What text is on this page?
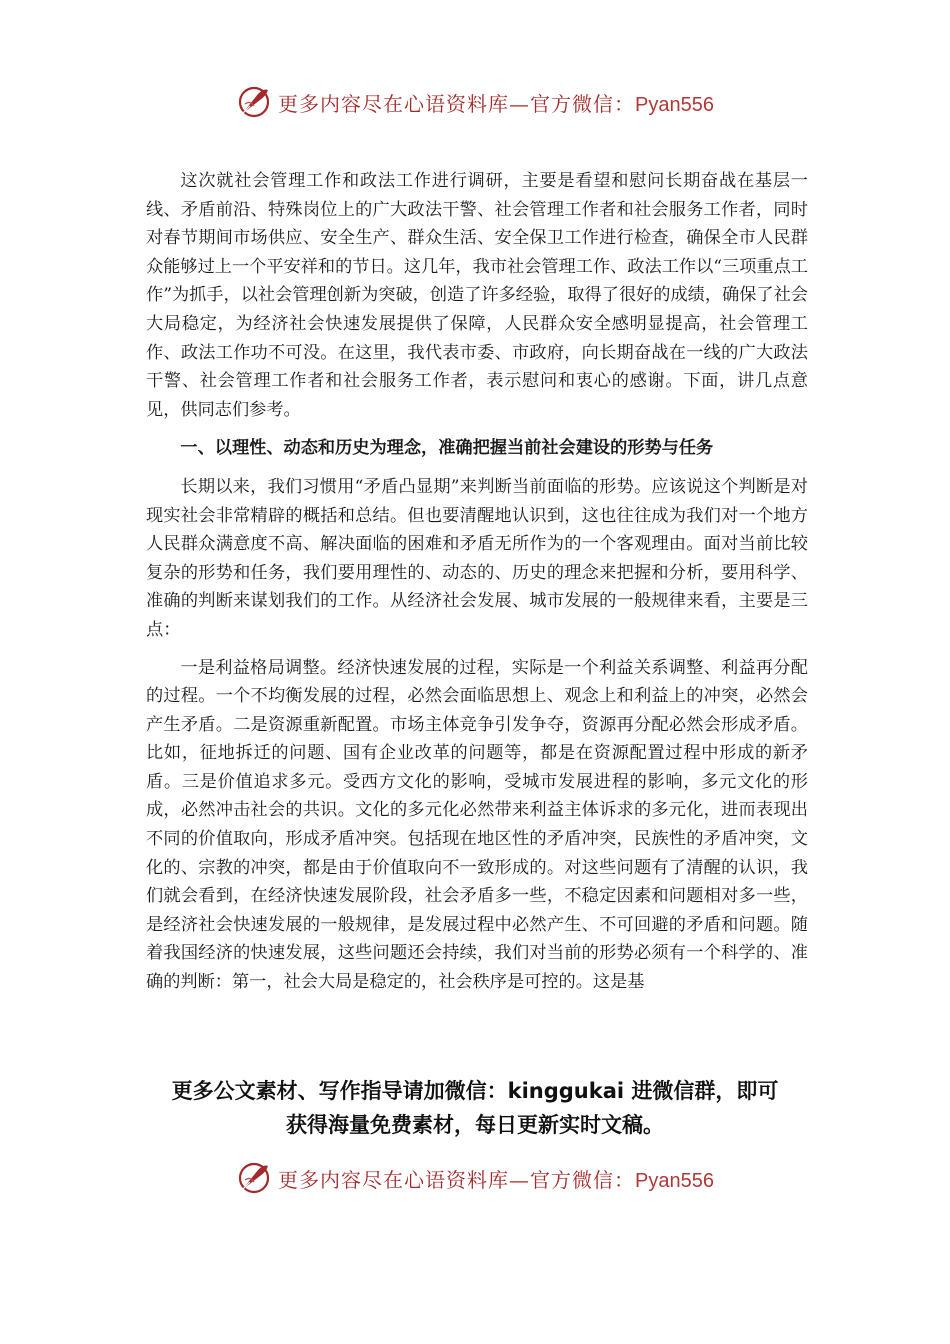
更多内容尽在心语资料库—官方微信：Pyan556

这次就社会管理工作和政法工作进行调研，主要是看望和慰问长期奋战在基层一线、矛盾前沿、特殊岗位上的广大政法干警、社会管理工作者和社会服务工作者，同时对春节期间市场供应、安全生产、群众生活、安全保卫工作进行检查，确保全市人民群众能够过上一个平安祥和的节日。这几年，我市社会管理工作、政法工作以“三项重点工作”为抓手，以社会管理创新为突破，创造了许多经验，取得了很好的成绩，确保了社会大局稳定，为经济社会快速发展提供了保障，人民群众安全感明显提高，社会管理工作、政法工作功不可没。在这里，我代表市委、市政府，向长期奋战在一线的广大政法干警、社会管理工作者和社会服务工作者，表示慰问和衷心的感谢。下面，讲几点意见，供同志们参考。

一、以理性、动态和历史为理念，准确把握当前社会建设的形势与任务

长期以来，我们习惯用“矛盾凸显期”来判断当前面临的形势。应该说这个判断是对现实社会非常精辟的概括和总结。但也要清醒地认识到，这也往往成为我们对一个地方人民群众满意度不高、解决面临的困难和矛盾无所作为的一个客观理由。面对当前比较复杂的形势和任务，我们要用理性的、动态的、历史的理念来把握和分析，要用科学、准确的判断来谋划我们的工作。从经济社会发展、城市发展的一般规律来看，主要是三点：

一是利益格局调整。经济快速发展的过程，实际是一个利益关系调整、利益再分配的过程。一个不均衡发展的过程，必然会面临思想上、观念上和利益上的冲突，必然会产生矛盾。二是资源重新配置。市场主体竞争引发争夺，资源再分配必然会形成矛盾。比如，征地拆迁的问题、国有企业改革的问题等，都是在资源配置过程中形成的新矛盾。三是价值追求多元。受西方文化的影响，受城市发展进程的影响，多元文化的形成，必然冲击社会的共识。文化的多元化必然带来利益主体诉求的多元化，进而表现出不同的价值取向，形成矛盾冲突。包括现在地区性的矛盾冲突，民族性的矛盾冲突，文化的、宗教的冲突，都是由于价值取向不一致形成的。对这些问题有了清醒的认识，我们就会看到，在经济快速发展阶段，社会矛盾多一些，不稳定因素和问题相对多一些，是经济社会快速发展的一般规律，是发展过程中必然产生、不可回避的矛盾和问题。随着我国经济的快速发展，这些问题还会持续，我们对当前的形势必须有一个科学的、准确的判断：第一，社会大局是稳定的，社会秩序是可控的。这是基

更多公文素材、写作指导请加微信：kinggukai 进微信群，即可
获得海量免费素材，每日更新实时文稿。
更多内容尽在心语资料库—官方微信：Pyan556
